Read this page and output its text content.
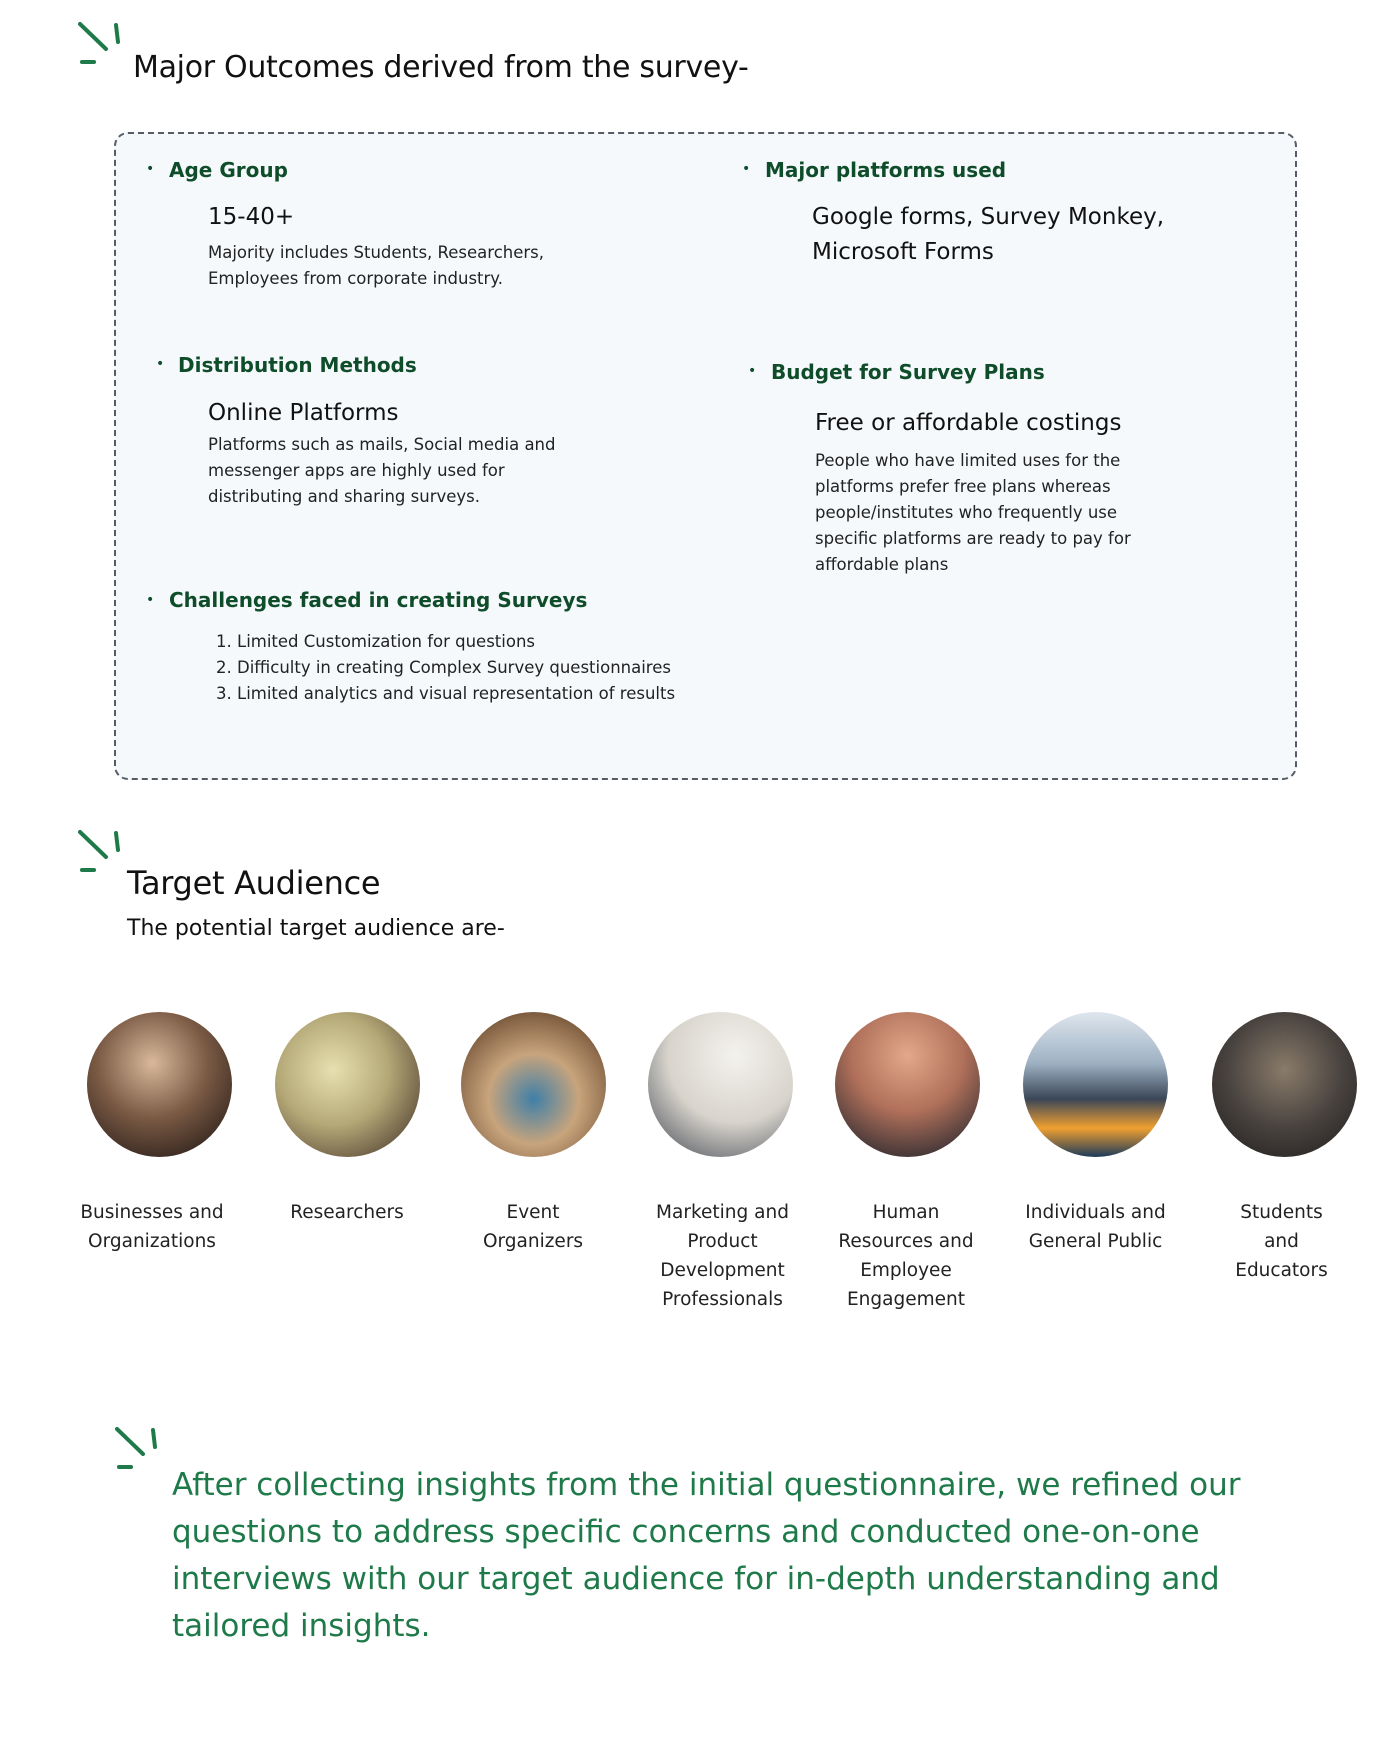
Major Outcomes derived from the survey-
• Age Group
15-40+
Majority includes Students, Researchers, Employees from corporate industry.
• Major platforms used
Google forms, Survey Monkey,
Microsoft Forms
• Distribution Methods
Online Platforms
Platforms such as mails, Social media and messenger apps are highly used for distributing and sharing surveys.
• Budget for Survey Plans
Free or affordable costings
People who have limited uses for the platforms prefer free plans whereas people/institutes who frequently use specific platforms are ready to pay for affordable plans
• Challenges faced in creating Surveys
1. Limited Customization for questions
2. Difficulty in creating Complex Survey questionnaires
3. Limited analytics and visual representation of results
Target Audience
The potential target audience are-
Businesses and Organizations
Researchers	Event Organizers
Marketing and Product Development Professionals
Human Resources and Employee Engagement
Individuals and General Public
Students and Educators
After collecting insights from the initial questionnaire, we refined our questions to address specific concerns and conducted one-on-one interviews with our target audience for in-depth understanding and tailored insights.
